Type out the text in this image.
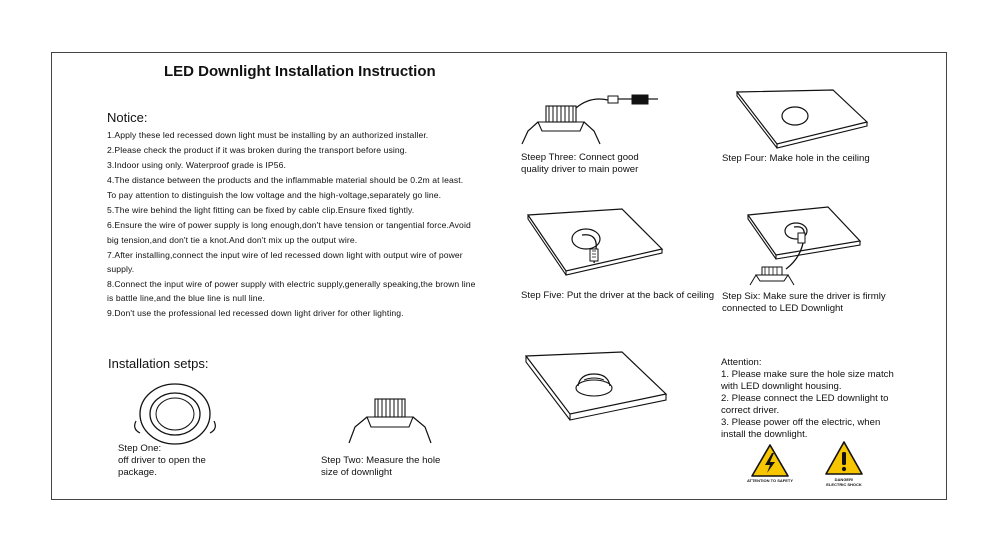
LED Downlight Installation Instruction
Notice:
1.Apply these led recessed down light must be installing by an authorized installer.
2.Please check the product if it was broken during the transport before using.
3.Indoor using only. Waterproof grade is IP56.
4.The distance between the products and the inflammable material should be 0.2m at least.
To pay attention to distinguish the low voltage and the high-voltage,separately go line.
5.The wire behind the light fitting can be fixed by cable clip.Ensure fixed tightly.
6.Ensure the wire of power supply is long enough,don't have tension or tangential force.Avoid
big tension,and don't tie a knot.And don't mix up the output wire.
7.After installing,connect the input wire of led recessed down light with output wire of power
supply.
8.Connect the input wire of power supply with electric supply,generally speaking,the brown line
is battle line,and the blue line is null line.
9.Don't use the professional led recessed down light driver for other lighting.
Installation setps:
Step One:
off driver to open the
package.
Step Two: Measure the hole
size of downlight
Steep Three: Connect good
quality driver to main power
Step Four: Make hole in the ceiling
Step Five: Put the driver at the back of ceiling Step Six: Make sure the driver is firmly
connected to LED Downlight
Attention:
1. Please make sure the hole size match
with LED downlight housing.
2. Please connect the LED downlight to
correct driver.
3. Please power off the electric, when
install the downlight.
ATTENTION TO SAFETY	DANGER!
ELECTRIC SHOCK
